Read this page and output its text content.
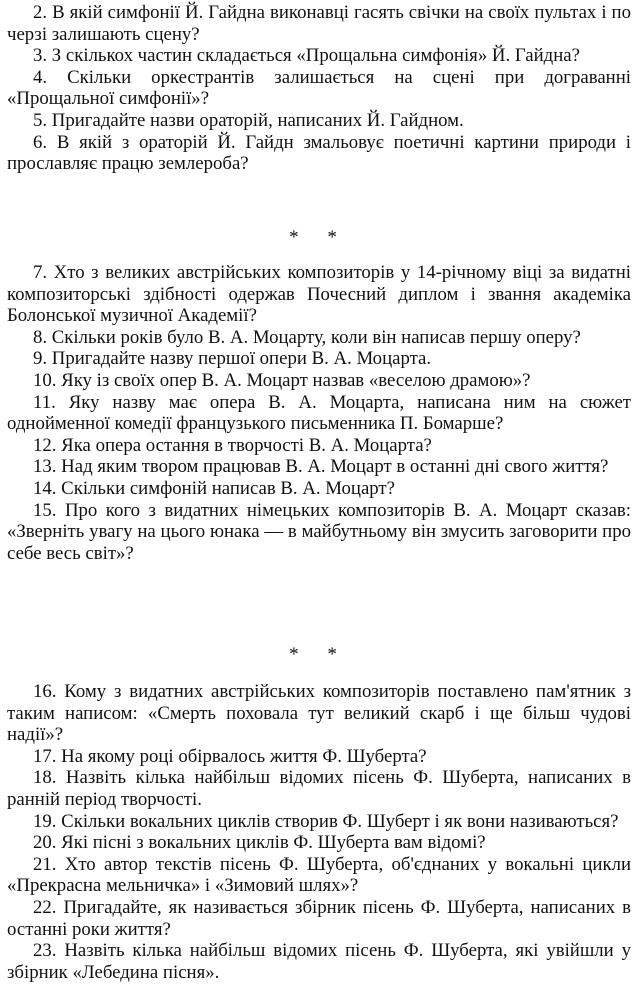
2. В якій симфонії Й. Гайдна виконавці гасять свічки на своїх пультах і по черзі залишають сцену?

3. З скількох частин складається «Прощальна симфонія» Й. Гайдна?

4. Скільки оркестрантів залишається на сцені при дограванні «Прощальної симфонії»?

5. Пригадайте назви ораторій, написаних Й. Гайдном.

6. В якій з ораторій Й. Гайдн змальовує поетичні картини природи і прославляє працю землероба?

* *

7. Хто з великих австрійських композиторів у 14-річному віці за видатні композиторські здібності одержав Почесний диплом і звання академіка Болонської музичної Академії?

8. Скільки років було В. А. Моцарту, коли він написав першу оперу?

9. Пригадайте назву першої опери В. А. Моцарта.

10. Яку із своїх опер В. А. Моцарт назвав «веселою драмою»?

11. Яку назву має опера В. А. Моцарта, написана ним на сюжет однойменної комедії французького письменника П. Бомарше?

12. Яка опера остання в творчості В. А. Моцарта?

13. Над яким твором працював В. А. Моцарт в останні дні свого життя?

14. Скільки симфоній написав В. А. Моцарт?

15. Про кого з видатних німецьких композиторів В. А. Моцарт сказав: «Зверніть увагу на цього юнака — в майбутньому він змусить заговорити про себе весь світ»?

* *

16. Кому з видатних австрійських композиторів поставлено пам'ятник з таким написом: «Смерть поховала тут великий скарб і ще більш чудові надії»?

17. На якому році обірвалось життя Ф. Шуберта?

18. Назвіть кілька найбільш відомих пісень Ф. Шуберта, написаних в ранній період творчості.

19. Скільки вокальних циклів створив Ф. Шуберт і як вони називаються?

20. Які пісні з вокальних циклів Ф. Шуберта вам відомі?

21. Хто автор текстів пісень Ф. Шуберта, об'єднаних у вокальні цикли «Прекрасна мельничка» і «Зимовий шлях»?

22. Пригадайте, як називається збірник пісень Ф. Шуберта, написаних в останні роки життя?

23. Назвіть кілька найбільш відомих пісень Ф. Шуберта, які увійшли у збірник «Лебедина пісня».
